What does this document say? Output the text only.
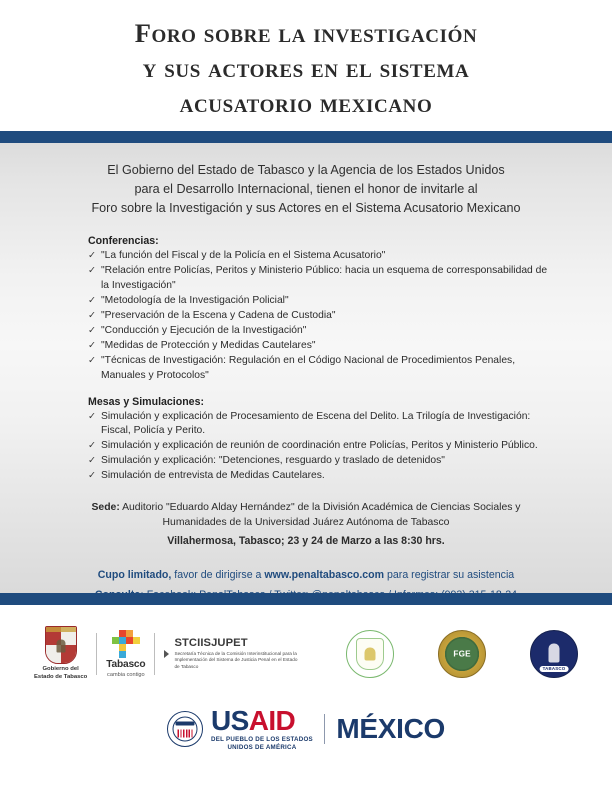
Foro sobre la investigación
y sus actores en el sistema
acusatorio mexicano
El Gobierno del Estado de Tabasco y la Agencia de los Estados Unidos
para el Desarrollo Internacional, tienen el honor de invitarle al
Foro sobre la Investigación y sus Actores en el Sistema Acusatorio Mexicano
Conferencias:
✓ "La función del Fiscal y de la Policía en el Sistema Acusatorio"
✓ "Relación entre Policías, Peritos y Ministerio Público: hacia un esquema de corresponsabilidad de la Investigación"
✓ "Metodología de la Investigación Policial"
✓ "Preservación de la Escena y Cadena de Custodia"
✓ "Conducción y Ejecución de la Investigación"
✓ "Medidas de Protección y Medidas Cautelares"
✓ "Técnicas de Investigación: Regulación en el Código Nacional de Procedimientos Penales, Manuales y Protocolos"
Mesas y Simulaciones:
✓ Simulación y explicación de Procesamiento de Escena del Delito. La Trilogía de Investigación: Fiscal, Policía y Perito.
✓ Simulación y explicación de reunión de coordinación entre Policías, Peritos y Ministerio Público.
✓ Simulación y explicación: "Detenciones, resguardo y traslado de detenidos"
✓ Simulación de entrevista de Medidas Cautelares.
Sede: Auditorio "Eduardo Alday Hernández" de la División Académica de Ciencias Sociales y
Humanidades de la Universidad Juárez Autónoma de Tabasco
Villahermosa, Tabasco; 23 y 24 de Marzo a las 8:30 hrs.
Cupo limitado, favor de dirigirse a www.penaltabasco.com para registrar su asistencia
Consulta: Facebook: PenalTabasco / Twitter: @penaltabasco / Informes: (993) 315-18-24
Gobierno del
Estado de Tabasco
Tabasco
cambia contigo
STCIISJUPET
Secretaría Técnica de la Comisión Interinstitucional para la Implementación del Sistema de Justicia Penal en el Estado de Tabasco
FGE
TABASCO
USAID
DEL PUEBLO DE LOS ESTADOS
UNIDOS DE AMÉRICA
MÉXICO
